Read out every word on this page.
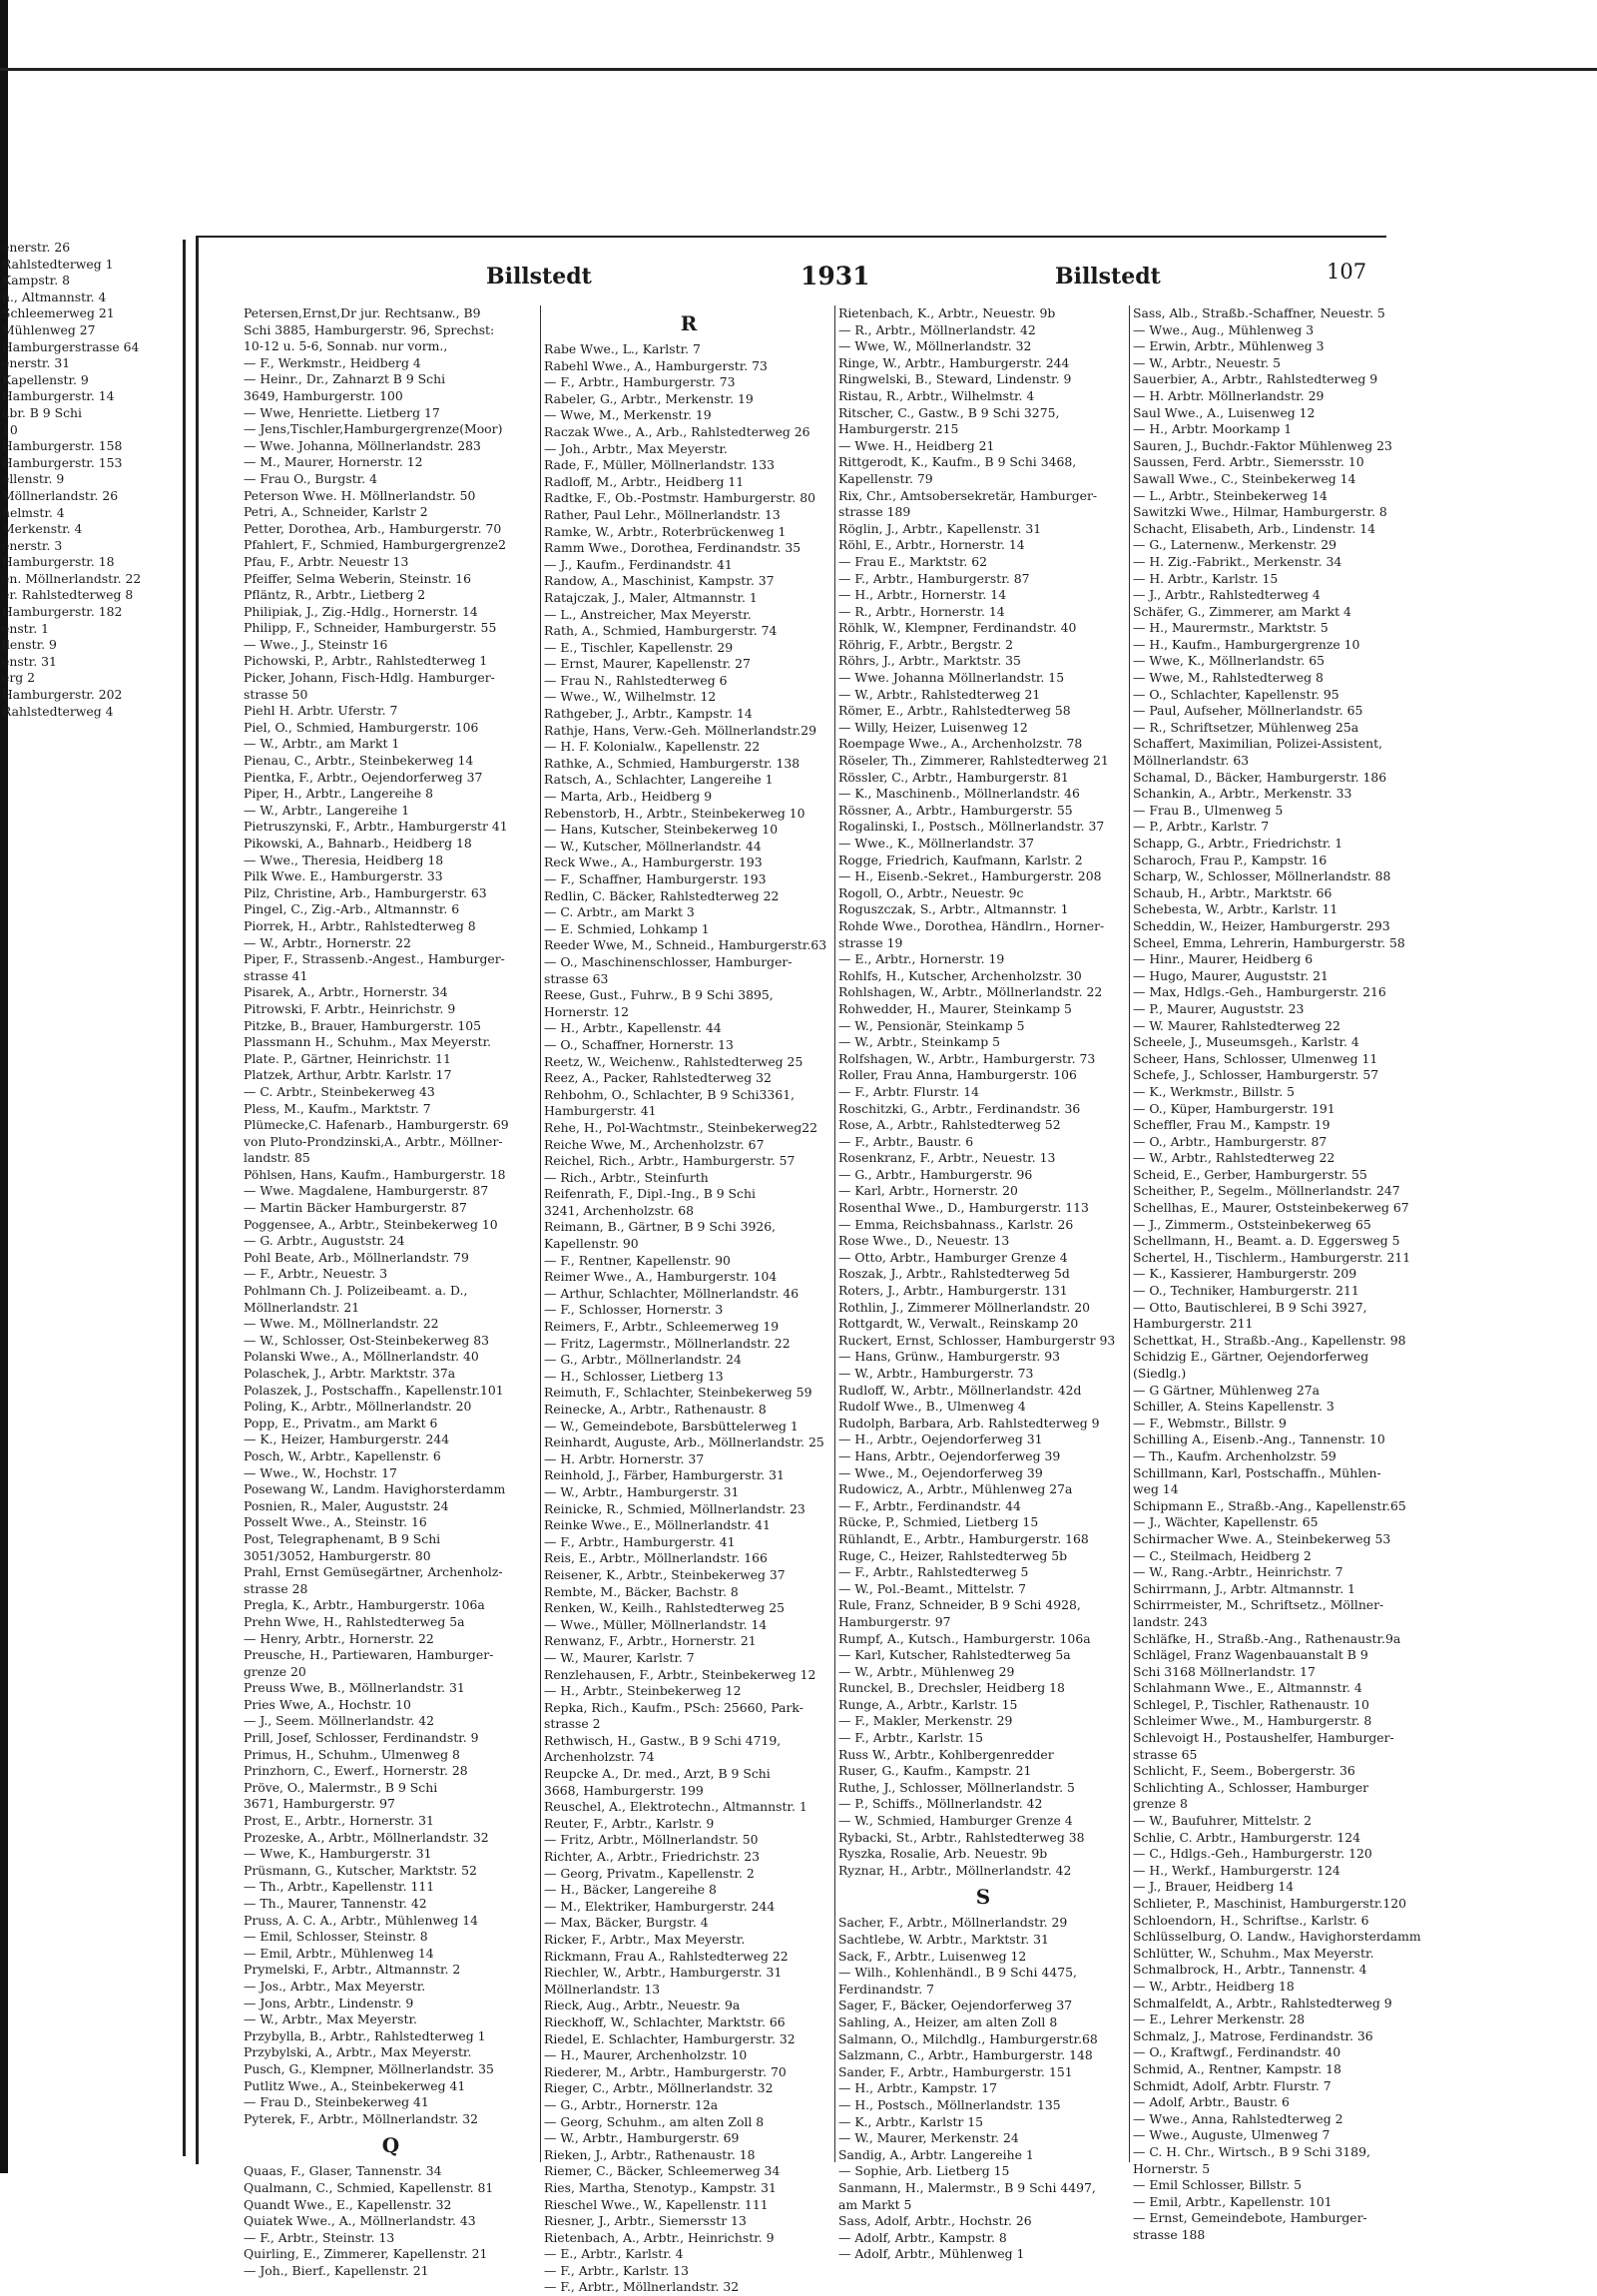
enerstr. 26
Rahlstedterweg 1
Kampstr. 8
n., Altmannstr. 4
Schleemerweg 21
Mühlenweg 27
Hamburgerstrasse 64
enerstr. 31
Kapellenstr. 9
Hamburgerstr. 14
abr. B 9 Schi
10
Hamburgerstr. 158
Hamburgerstr. 153
ellenstr. 9
Möllnerlandstr. 26
helmstr. 4
Merkenstr. 4
enerstr. 3
Hamburgerstr. 18
en. Möllnerlandstr. 22
er. Rahlstedterweg 8
Hamburgerstr. 182
enstr. 1
llenstr. 9
enstr. 31
erg 2
Hamburgerstr. 202
Rahlstedterweg 4
Billstedt	1931	Billstedt	107
Petersen,Ernst,Dr jur. Rechtsanw., B9
Schi 3885, Hamburgerstr. 96, Sprechst:
10-12 u. 5-6, Sonnab. nur vorm.,
— F., Werkmstr., Heidberg 4
— Heinr., Dr., Zahnarzt B 9 Schi
3649, Hamburgerstr. 100
— Wwe, Henriette. Lietberg 17
— Jens,Tischler,Hamburgergrenze(Moor)
— Wwe. Johanna, Möllnerlandstr. 283
— M., Maurer, Hornerstr. 12
— Frau O., Burgstr. 4
Peterson Wwe. H. Möllnerlandstr. 50
Petri, A., Schneider, Karlstr 2
Petter, Dorothea, Arb., Hamburgerstr. 70
Pfahlert, F., Schmied, Hamburgergrenze2
Pfau, F., Arbtr. Neuestr 13
Pfeiffer, Selma Weberin, Steinstr. 16
Pfläntz, R., Arbtr., Lietberg 2
Philipiak, J., Zig.-Hdlg., Hornerstr. 14
Philipp, F., Schneider, Hamburgerstr. 55
— Wwe., J., Steinstr 16
Pichowski, P., Arbtr., Rahlstedterweg 1
Picker, Johann, Fisch-Hdlg. Hamburger-
strasse 50
Piehl H. Arbtr. Uferstr. 7
Piel, O., Schmied, Hamburgerstr. 106
— W., Arbtr., am Markt 1
Pienau, C., Arbtr., Steinbekerweg 14
Pientka, F., Arbtr., Oejendorferweg 37
Piper, H., Arbtr., Langereihe 8
— W., Arbtr., Langereihe 1
Pietruszynski, F., Arbtr., Hamburgerstr 41
Pikowski, A., Bahnarb., Heidberg 18
— Wwe., Theresia, Heidberg 18
Pilk Wwe. E., Hamburgerstr. 33
Pilz, Christine, Arb., Hamburgerstr. 63
Pingel, C., Zig.-Arb., Altmannstr. 6
Piorrek, H., Arbtr., Rahlstedterweg 8
— W., Arbtr., Hornerstr. 22
Piper, F., Strassenb.-Angest., Hamburger-
strasse 41
Pisarek, A., Arbtr., Hornerstr. 34
Pitrowski, F. Arbtr., Heinrichstr. 9
Pitzke, B., Brauer, Hamburgerstr. 105
Plassmann H., Schuhm., Max Meyerstr.
Plate. P., Gärtner, Heinrichstr. 11
Platzek, Arthur, Arbtr. Karlstr. 17
— C. Arbtr., Steinbekerweg 43
Pless, M., Kaufm., Marktstr. 7
Plümecke,C. Hafenarb., Hamburgerstr. 69
von Pluto-Prondzinski,A., Arbtr., Möllner-
landstr. 85
Pöhlsen, Hans, Kaufm., Hamburgerstr. 18
— Wwe. Magdalene, Hamburgerstr. 87
— Martin Bäcker Hamburgerstr. 87
Poggensee, A., Arbtr., Steinbekerweg 10
— G. Arbtr., Auguststr. 24
Pohl Beate, Arb., Möllnerlandstr. 79
— F., Arbtr., Neuestr. 3
Pohlmann Ch. J. Polizeibeamt. a. D.,
Möllnerlandstr. 21
— Wwe. M., Möllnerlandstr. 22
— W., Schlosser, Ost-Steinbekerweg 83
Polanski Wwe., A., Möllnerlandstr. 40
Polaschek, J., Arbtr. Marktstr. 37a
Polaszek, J., Postschaffn., Kapellenstr.101
Poling, K., Arbtr., Möllnerlandstr. 20
Popp, E., Privatm., am Markt 6
— K., Heizer, Hamburgerstr. 244
Posch, W., Arbtr., Kapellenstr. 6
— Wwe., W., Hochstr. 17
Posewang W., Landm. Havighorsterdamm
Posnien, R., Maler, Auguststr. 24
Posselt Wwe., A., Steinstr. 16
Post, Telegraphenamt, B 9 Schi
3051/3052, Hamburgerstr. 80
Prahl, Ernst Gemüsegärtner, Archenholz-
strasse 28
Pregla, K., Arbtr., Hamburgerstr. 106a
Prehn Wwe, H., Rahlstedterweg 5a
— Henry, Arbtr., Hornerstr. 22
Preusche, H., Partiewaren, Hamburger-
grenze 20
Preuss Wwe, B., Möllnerlandstr. 31
Pries Wwe, A., Hochstr. 10
— J., Seem. Möllnerlandstr. 42
Prill, Josef, Schlosser, Ferdinandstr. 9
Primus, H., Schuhm., Ulmenweg 8
Prinzhorn, C., Ewerf., Hornerstr. 28
Pröve, O., Malermstr., B 9 Schi
3671, Hamburgerstr. 97
Prost, E., Arbtr., Hornerstr. 31
Prozeske, A., Arbtr., Möllnerlandstr. 32
— Wwe, K., Hamburgerstr. 31
Prüsmann, G., Kutscher, Marktstr. 52
— Th., Arbtr., Kapellenstr. 111
— Th., Maurer, Tannenstr. 42
Pruss, A. C. A., Arbtr., Mühlenweg 14
— Emil, Schlosser, Steinstr. 8
— Emil, Arbtr., Mühlenweg 14
Prymelski, F., Arbtr., Altmannstr. 2
— Jos., Arbtr., Max Meyerstr.
— Jons, Arbtr., Lindenstr. 9
— W., Arbtr., Max Meyerstr.
Przybylla, B., Arbtr., Rahlstedterweg 1
Przybylski, A., Arbtr., Max Meyerstr.
Pusch, G., Klempner, Möllnerlandstr. 35
Putlitz Wwe., A., Steinbekerweg 41
— Frau D., Steinbekerweg 41
Pyterek, F., Arbtr., Möllnerlandstr. 32
Q
Quaas, F., Glaser, Tannenstr. 34
Qualmann, C., Schmied, Kapellenstr. 81
Quandt Wwe., E., Kapellenstr. 32
Quiatek Wwe., A., Möllnerlandstr. 43
— F., Arbtr., Steinstr. 13
Quirling, E., Zimmerer, Kapellenstr. 21
— Joh., Bierf., Kapellenstr. 21
R
Rabe Wwe., L., Karlstr. 7
Rabehl Wwe., A., Hamburgerstr. 73
— F., Arbtr., Hamburgerstr. 73
Rabeler, G., Arbtr., Merkenstr. 19
— Wwe, M., Merkenstr. 19
Raczak Wwe., A., Arb., Rahlstedterweg 26
— Joh., Arbtr., Max Meyerstr.
Rade, F., Müller, Möllnerlandstr. 133
Radloff, M., Arbtr., Heidberg 11
Radtke, F., Ob.-Postmstr. Hamburgerstr. 80
Rather, Paul Lehr., Möllnerlandstr. 13
Ramke, W., Arbtr., Roterbrückenweg 1
Ramm Wwe., Dorothea, Ferdinandstr. 35
— J., Kaufm., Ferdinandstr. 41
Randow, A., Maschinist, Kampstr. 37
Ratajczak, J., Maler, Altmannstr. 1
— L., Anstreicher, Max Meyerstr.
Rath, A., Schmied, Hamburgerstr. 74
— E., Tischler, Kapellenstr. 29
— Ernst, Maurer, Kapellenstr. 27
— Frau N., Rahlstedterweg 6
— Wwe., W., Wilhelmstr. 12
Rathgeber, J., Arbtr., Kampstr. 14
Rathje, Hans, Verw.-Geh. Möllnerlandstr.29
— H. F. Kolonialw., Kapellenstr. 22
Rathke, A., Schmied, Hamburgerstr. 138
Ratsch, A., Schlachter, Langereihe 1
— Marta, Arb., Heidberg 9
Rebenstorb, H., Arbtr., Steinbekerweg 10
— Hans, Kutscher, Steinbekerweg 10
— W., Kutscher, Möllnerlandstr. 44
Reck Wwe., A., Hamburgerstr. 193
— F., Schaffner, Hamburgerstr. 193
Redlin, C. Bäcker, Rahlstedterweg 22
— C. Arbtr., am Markt 3
— E. Schmied, Lohkamp 1
Reeder Wwe, M., Schneid., Hamburgerstr.63
— O., Maschinenschlosser, Hamburger-
strasse 63
Reese, Gust., Fuhrw., B 9 Schi 3895,
Hornerstr. 12
— H., Arbtr., Kapellenstr. 44
— O., Schaffner, Hornerstr. 13
Reetz, W., Weichenw., Rahlstedterweg 25
Reez, A., Packer, Rahlstedterweg 32
Rehbohm, O., Schlachter, B 9 Schi3361,
Hamburgerstr. 41
Rehe, H., Pol-Wachtmstr., Steinbekerweg22
Reiche Wwe, M., Archenholzstr. 67
Reichel, Rich., Arbtr., Hamburgerstr. 57
— Rich., Arbtr., Steinfurth
Reifenrath, F., Dipl.-Ing., B 9 Schi
3241, Archenholzstr. 68
Reimann, B., Gärtner, B 9 Schi 3926,
Kapellenstr. 90
— F., Rentner, Kapellenstr. 90
Reimer Wwe., A., Hamburgerstr. 104
— Arthur, Schlachter, Möllnerlandstr. 46
— F., Schlosser, Hornerstr. 3
Reimers, F., Arbtr., Schleemerweg 19
— Fritz, Lagermstr., Möllnerlandstr. 22
— G., Arbtr., Möllnerlandstr. 24
— H., Schlosser, Lietberg 13
Reimuth, F., Schlachter, Steinbekerweg 59
Reinecke, A., Arbtr., Rathenaustr. 8
— W., Gemeindebote, Barsbüttelerweg 1
Reinhardt, Auguste, Arb., Möllnerlandstr. 25
— H. Arbtr. Hornerstr. 37
Reinhold, J., Färber, Hamburgerstr. 31
— W., Arbtr., Hamburgerstr. 31
Reinicke, R., Schmied, Möllnerlandstr. 23
Reinke Wwe., E., Möllnerlandstr. 41
— F., Arbtr., Hamburgerstr. 41
Reis, E., Arbtr., Möllnerlandstr. 166
Reisener, K., Arbtr., Steinbekerweg 37
Rembte, M., Bäcker, Bachstr. 8
Renken, W., Keilh., Rahlstedterweg 25
— Wwe., Müller, Möllnerlandstr. 14
Renwanz, F., Arbtr., Hornerstr. 21
— W., Maurer, Karlstr. 7
Renzlehausen, F., Arbtr., Steinbekerweg 12
— H., Arbtr., Steinbekerweg 12
Repka, Rich., Kaufm., PSch: 25660, Park-
strasse 2
Rethwisch, H., Gastw., B 9 Schi 4719,
Archenholzstr. 74
Reupcke A., Dr. med., Arzt, B 9 Schi
3668, Hamburgerstr. 199
Reuschel, A., Elektrotechn., Altmannstr. 1
Reuter, F., Arbtr., Karlstr. 9
— Fritz, Arbtr., Möllnerlandstr. 50
Richter, A., Arbtr., Friedrichstr. 23
— Georg, Privatm., Kapellenstr. 2
— H., Bäcker, Langereihe 8
— M., Elektriker, Hamburgerstr. 244
— Max, Bäcker, Burgstr. 4
Ricker, F., Arbtr., Max Meyerstr.
Rickmann, Frau A., Rahlstedterweg 22
Riechler, W., Arbtr., Hamburgerstr. 31
Möllnerlandstr. 13
Rieck, Aug., Arbtr., Neuestr. 9a
Rieckhoff, W., Schlachter, Marktstr. 66
Riedel, E. Schlachter, Hamburgerstr. 32
— H., Maurer, Archenholzstr. 10
Riederer, M., Arbtr., Hamburgerstr. 70
Rieger, C., Arbtr., Möllnerlandstr. 32
— G., Arbtr., Hornerstr. 12a
— Georg, Schuhm., am alten Zoll 8
— W., Arbtr., Hamburgerstr. 69
Rieken, J., Arbtr., Rathenaustr. 18
Riemer, C., Bäcker, Schleemerweg 34
Ries, Martha, Stenotyp., Kampstr. 31
Rieschel Wwe., W., Kapellenstr. 111
Riesner, J., Arbtr., Siemersstr 13
Rietenbach, A., Arbtr., Heinrichstr. 9
— E., Arbtr., Karlstr. 4
— F., Arbtr., Karlstr. 13
— F., Arbtr., Möllnerlandstr. 32
Rietenbach, K., Arbtr., Neuestr. 9b
— R., Arbtr., Möllnerlandstr. 42
— Wwe, W., Möllnerlandstr. 32
Ringe, W., Arbtr., Hamburgerstr. 244
Ringwelski, B., Steward, Lindenstr. 9
Ristau, R., Arbtr., Wilhelmstr. 4
Ritscher, C., Gastw., B 9 Schi 3275,
Hamburgerstr. 215
— Wwe. H., Heidberg 21
Rittgerodt, K., Kaufm., B 9 Schi 3468,
Kapellenstr. 79
Rix, Chr., Amtsobersekretär, Hamburger-
strasse 189
Röglin, J., Arbtr., Kapellenstr. 31
Röhl, E., Arbtr., Hornerstr. 14
— Frau E., Marktstr. 62
— F., Arbtr., Hamburgerstr. 87
— H., Arbtr., Hornerstr. 14
— R., Arbtr., Hornerstr. 14
Röhlk, W., Klempner, Ferdinandstr. 40
Röhrig, F., Arbtr., Bergstr. 2
Röhrs, J., Arbtr., Marktstr. 35
— Wwe. Johanna Möllnerlandstr. 15
— W., Arbtr., Rahlstedterweg 21
Römer, E., Arbtr., Rahlstedterweg 58
— Willy, Heizer, Luisenweg 12
Roempage Wwe., A., Archenholzstr. 78
Röseler, Th., Zimmerer, Rahlstedterweg 21
Rössler, C., Arbtr., Hamburgerstr. 81
— K., Maschinenb., Möllnerlandstr. 46
Rössner, A., Arbtr., Hamburgerstr. 55
Rogalinski, I., Postsch., Möllnerlandstr. 37
— Wwe., K., Möllnerlandstr. 37
Rogge, Friedrich, Kaufmann, Karlstr. 2
— H., Eisenb.-Sekret., Hamburgerstr. 208
Rogoll, O., Arbtr., Neuestr. 9c
Roguszczak, S., Arbtr., Altmannstr. 1
Rohde Wwe., Dorothea, Händlrn., Horner-
strasse 19
— E., Arbtr., Hornerstr. 19
Rohlfs, H., Kutscher, Archenholzstr. 30
Rohlshagen, W., Arbtr., Möllnerlandstr. 22
Rohwedder, H., Maurer, Steinkamp 5
— W., Pensionär, Steinkamp 5
— W., Arbtr., Steinkamp 5
Rolfshagen, W., Arbtr., Hamburgerstr. 73
Roller, Frau Anna, Hamburgerstr. 106
— F., Arbtr. Flurstr. 14
Roschitzki, G., Arbtr., Ferdinandstr. 36
Rose, A., Arbtr., Rahlstedterweg 52
— F., Arbtr., Baustr. 6
Rosenkranz, F., Arbtr., Neuestr. 13
— G., Arbtr., Hamburgerstr. 96
— Karl, Arbtr., Hornerstr. 20
Rosenthal Wwe., D., Hamburgerstr. 113
— Emma, Reichsbahnass., Karlstr. 26
Rose Wwe., D., Neuestr. 13
— Otto, Arbtr., Hamburger Grenze 4
Roszak, J., Arbtr., Rahlstedterweg 5d
Roters, J., Arbtr., Hamburgerstr. 131
Rothlin, J., Zimmerer Möllnerlandstr. 20
Rottgardt, W., Verwalt., Reinskamp 20
Ruckert, Ernst, Schlosser, Hamburgerstr 93
— Hans, Grünw., Hamburgerstr. 93
— W., Arbtr., Hamburgerstr. 73
Rudloff, W., Arbtr., Möllnerlandstr. 42d
Rudolf Wwe., B., Ulmenweg 4
Rudolph, Barbara, Arb. Rahlstedterweg 9
— H., Arbtr., Oejendorferweg 31
— Hans, Arbtr., Oejendorferweg 39
— Wwe., M., Oejendorferweg 39
Rudowicz, A., Arbtr., Mühlenweg 27a
— F., Arbtr., Ferdinandstr. 44
Rücke, P., Schmied, Lietberg 15
Rühlandt, E., Arbtr., Hamburgerstr. 168
Ruge, C., Heizer, Rahlstedterweg 5b
— F., Arbtr., Rahlstedterweg 5
— W., Pol.-Beamt., Mittelstr. 7
Rule, Franz, Schneider, B 9 Schi 4928,
Hamburgerstr. 97
Rumpf, A., Kutsch., Hamburgerstr. 106a
— Karl, Kutscher, Rahlstedterweg 5a
— W., Arbtr., Mühlenweg 29
Runckel, B., Drechsler, Heidberg 18
Runge, A., Arbtr., Karlstr. 15
— F., Makler, Merkenstr. 29
— F., Arbtr., Karlstr. 15
Russ W., Arbtr., Kohlbergenredder
Ruser, G., Kaufm., Kampstr. 21
Ruthe, J., Schlosser, Möllnerlandstr. 5
— P., Schiffs., Möllnerlandstr. 42
— W., Schmied, Hamburger Grenze 4
Rybacki, St., Arbtr., Rahlstedterweg 38
Ryszka, Rosalie, Arb. Neuestr. 9b
Ryznar, H., Arbtr., Möllnerlandstr. 42
S
Sacher, F., Arbtr., Möllnerlandstr. 29
Sachtlebe, W. Arbtr., Marktstr. 31
Sack, F., Arbtr., Luisenweg 12
— Wilh., Kohlenhändl., B 9 Schi 4475,
Ferdinandstr. 7
Sager, F., Bäcker, Oejendorferweg 37
Sahling, A., Heizer, am alten Zoll 8
Salmann, O., Milchdlg., Hamburgerstr.68
Salzmann, C., Arbtr., Hamburgerstr. 148
Sander, F., Arbtr., Hamburgerstr. 151
— H., Arbtr., Kampstr. 17
— H., Postsch., Möllnerlandstr. 135
— K., Arbtr., Karlstr 15
— W., Maurer, Merkenstr. 24
Sandig, A., Arbtr. Langereihe 1
— Sophie, Arb. Lietberg 15
Sanmann, H., Malermstr., B 9 Schi 4497,
am Markt 5
Sass, Adolf, Arbtr., Hochstr. 26
— Adolf, Arbtr., Kampstr. 8
— Adolf, Arbtr., Mühlenweg 1
Sass, Alb., Straßb.-Schaffner, Neuestr. 5
— Wwe., Aug., Mühlenweg 3
— Erwin, Arbtr., Mühlenweg 3
— W., Arbtr., Neuestr. 5
Sauerbier, A., Arbtr., Rahlstedterweg 9
— H. Arbtr. Möllnerlandstr. 29
Saul Wwe., A., Luisenweg 12
— H., Arbtr. Moorkamp 1
Sauren, J., Buchdr.-Faktor Mühlenweg 23
Saussen, Ferd. Arbtr., Siemersstr. 10
Sawall Wwe., C., Steinbekerweg 14
— L., Arbtr., Steinbekerweg 14
Sawitzki Wwe., Hilmar, Hamburgerstr. 8
Schacht, Elisabeth, Arb., Lindenstr. 14
— G., Laternenw., Merkenstr. 29
— H. Zig.-Fabrikt., Merkenstr. 34
— H. Arbtr., Karlstr. 15
— J., Arbtr., Rahlstedterweg 4
Schäfer, G., Zimmerer, am Markt 4
— H., Maurermstr., Marktstr. 5
— H., Kaufm., Hamburgergrenze 10
— Wwe, K., Möllnerlandstr. 65
— Wwe, M., Rahlstedterweg 8
— O., Schlachter, Kapellenstr. 95
— Paul, Aufseher, Möllnerlandstr. 65
— R., Schriftsetzer, Mühlenweg 25a
Schaffert, Maximilian, Polizei-Assistent,
Möllnerlandstr. 63
Schamal, D., Bäcker, Hamburgerstr. 186
Schankin, A., Arbtr., Merkenstr. 33
— Frau B., Ulmenweg 5
— P., Arbtr., Karlstr. 7
Schapp, G., Arbtr., Friedrichstr. 1
Scharoch, Frau P., Kampstr. 16
Scharp, W., Schlosser, Möllnerlandstr. 88
Schaub, H., Arbtr., Marktstr. 66
Schebesta, W., Arbtr., Karlstr. 11
Scheddin, W., Heizer, Hamburgerstr. 293
Scheel, Emma, Lehrerin, Hamburgerstr. 58
— Hinr., Maurer, Heidberg 6
— Hugo, Maurer, Auguststr. 21
— Max, Hdlgs.-Geh., Hamburgerstr. 216
— P., Maurer, Auguststr. 23
— W. Maurer, Rahlstedterweg 22
Scheele, J., Museumsgeh., Karlstr. 4
Scheer, Hans, Schlosser, Ulmenweg 11
Schefe, J., Schlosser, Hamburgerstr. 57
— K., Werkmstr., Billstr. 5
— O., Küper, Hamburgerstr. 191
Scheffler, Frau M., Kampstr. 19
— O., Arbtr., Hamburgerstr. 87
— W., Arbtr., Rahlstedterweg 22
Scheid, E., Gerber, Hamburgerstr. 55
Scheither, P., Segelm., Möllnerlandstr. 247
Schellhas, E., Maurer, Oststeinbekerweg 67
— J., Zimmerm., Oststeinbekerweg 65
Schellmann, H., Beamt. a. D. Eggersweg 5
Schertel, H., Tischlerm., Hamburgerstr. 211
— K., Kassierer, Hamburgerstr. 209
— O., Techniker, Hamburgerstr. 211
— Otto, Bautischlerei, B 9 Schi 3927,
Hamburgerstr. 211
Schettkat, H., Straßb.-Ang., Kapellenstr. 98
Schidzig E., Gärtner, Oejendorferweg
(Siedlg.)
— G Gärtner, Mühlenweg 27a
Schiller, A. Steins Kapellenstr. 3
— F., Webmstr., Billstr. 9
Schilling A., Eisenb.-Ang., Tannenstr. 10
— Th., Kaufm. Archenholzstr. 59
Schillmann, Karl, Postschaffn., Mühlen-
weg 14
Schipmann E., Straßb.-Ang., Kapellenstr.65
— J., Wächter, Kapellenstr. 65
Schirmacher Wwe. A., Steinbekerweg 53
— C., Steilmach, Heidberg 2
— W., Rang.-Arbtr., Heinrichstr. 7
Schirrmann, J., Arbtr. Altmannstr. 1
Schirrmeister, M., Schriftsetz., Möllner-
landstr. 243
Schläfke, H., Straßb.-Ang., Rathenaustr.9a
Schlägel, Franz Wagenbauanstalt B 9
Schi 3168 Möllnerlandstr. 17
Schlahmann Wwe., E., Altmannstr. 4
Schlegel, P., Tischler, Rathenaustr. 10
Schleimer Wwe., M., Hamburgerstr. 8
Schlevoigt H., Postaushelfer, Hamburger-
strasse 65
Schlicht, F., Seem., Bobergerstr. 36
Schlichting A., Schlosser, Hamburger
grenze 8
— W., Baufuhrer, Mittelstr. 2
Schlie, C. Arbtr., Hamburgerstr. 124
— C., Hdlgs.-Geh., Hamburgerstr. 120
— H., Werkf., Hamburgerstr. 124
— J., Brauer, Heidberg 14
Schlieter, P., Maschinist, Hamburgerstr.120
Schloendorn, H., Schriftse., Karlstr. 6
Schlüsselburg, O. Landw., Havighorsterdamm
Schlütter, W., Schuhm., Max Meyerstr.
Schmalbrock, H., Arbtr., Tannenstr. 4
— W., Arbtr., Heidberg 18
Schmalfeldt, A., Arbtr., Rahlstedterweg 9
— E., Lehrer Merkenstr. 28
Schmalz, J., Matrose, Ferdinandstr. 36
— O., Kraftwgf., Ferdinandstr. 40
Schmid, A., Rentner, Kampstr. 18
Schmidt, Adolf, Arbtr. Flurstr. 7
— Adolf, Arbtr., Baustr. 6
— Wwe., Anna, Rahlstedterweg 2
— Wwe., Auguste, Ulmenweg 7
— C. H. Chr., Wirtsch., B 9 Schi 3189,
Hornerstr. 5
— Emil Schlosser, Billstr. 5
— Emil, Arbtr., Kapellenstr. 101
— Ernst, Gemeindebote, Hamburger-
strasse 188
